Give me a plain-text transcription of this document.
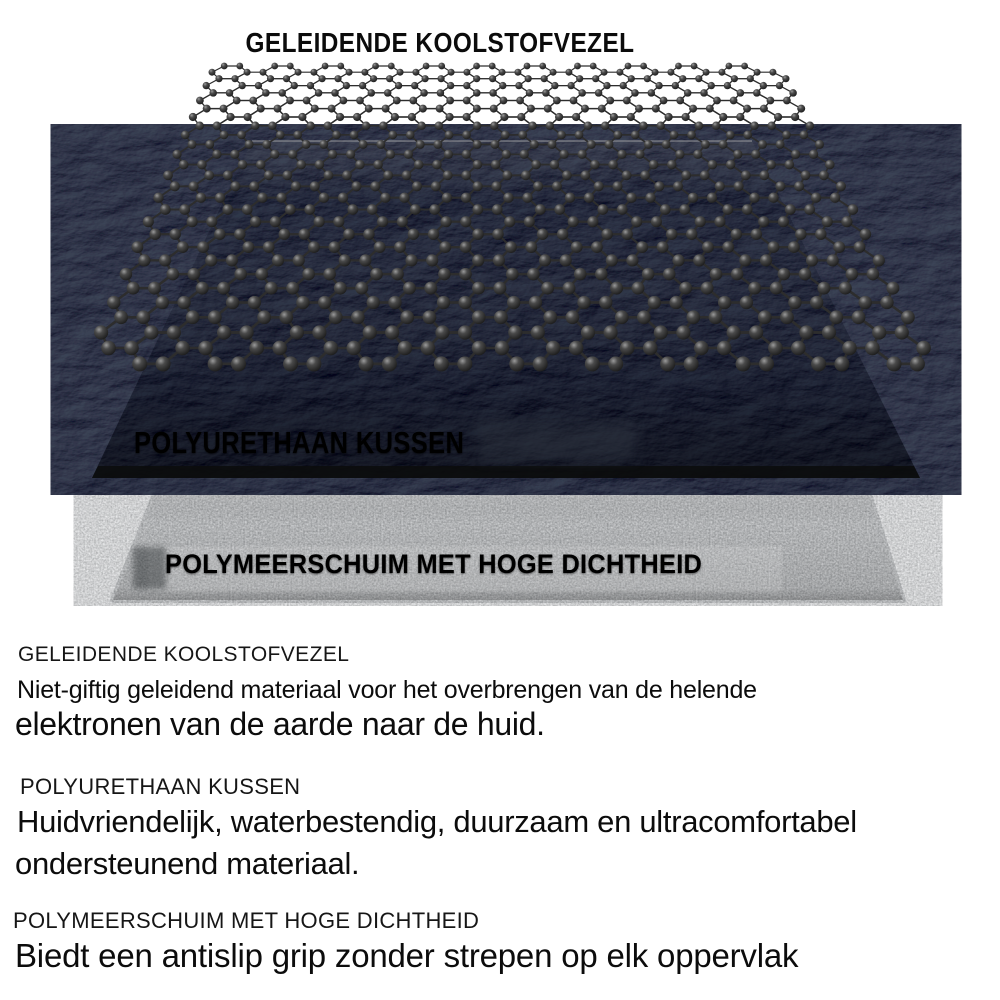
GELEIDENDE KOOLSTOFVEZEL
POLYURETHAAN KUSSEN
POLYMEERSCHUIM MET HOGE DICHTHEID
GELEIDENDE KOOLSTOFVEZEL
Niet-giftig geleidend materiaal voor het overbrengen van de helende
elektronen van de aarde naar de huid.
POLYURETHAAN KUSSEN
Huidvriendelijk, waterbestendig, duurzaam en ultracomfortabel
ondersteunend materiaal.
POLYMEERSCHUIM MET HOGE DICHTHEID
Biedt een antislip grip zonder strepen op elk oppervlak
